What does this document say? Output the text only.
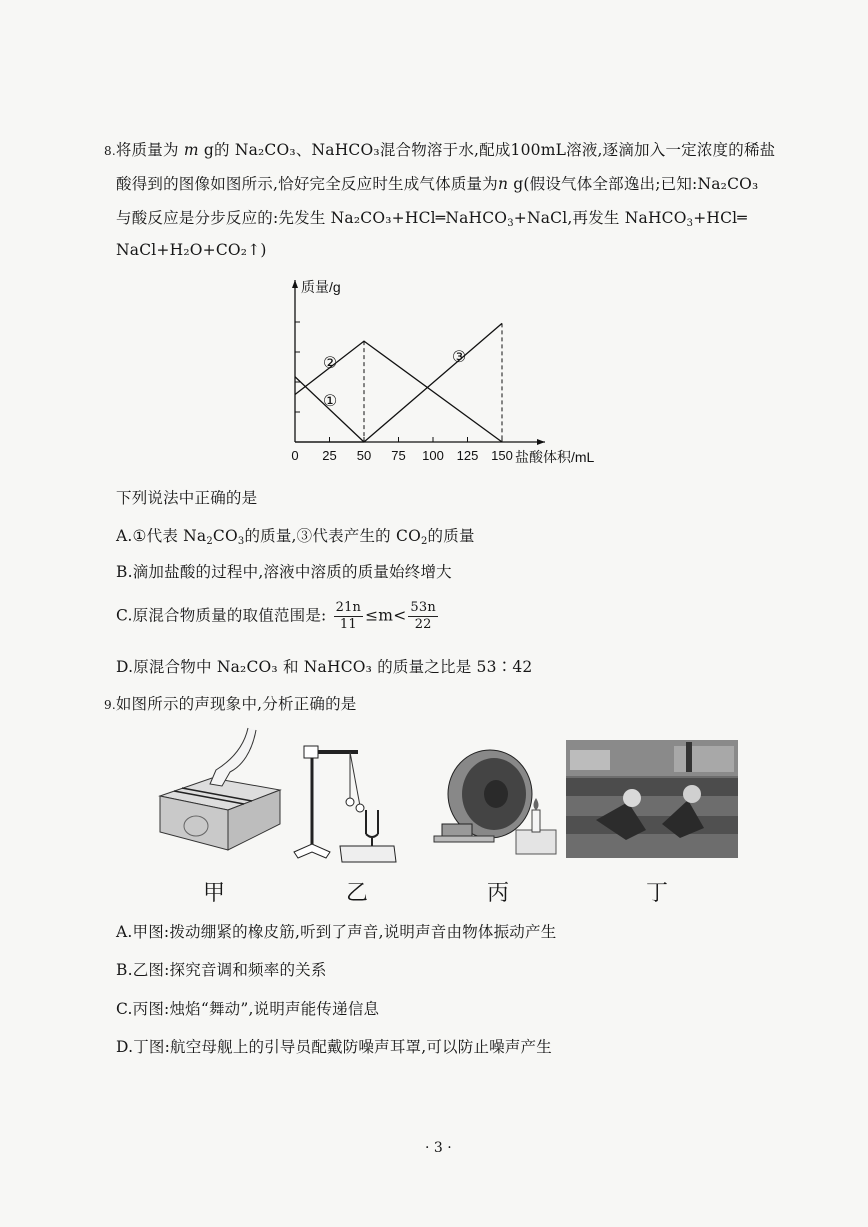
8.将质量为 m g的 Na₂CO₃、NaHCO₃混合物溶于水,配成100mL溶液,逐滴加入一定浓度的稀盐
酸得到的图像如图所示,恰好完全反应时生成气体质量为n g(假设气体全部逸出;已知:Na₂CO₃
与酸反应是分步反应的:先发生 Na₂CO₃+HCl═NaHCO$_3$+NaCl,再发生 NaHCO$_3$+HCl═
NaCl+H₂O+CO₂↑)
0 25 50 75 100 125 150
质量/g
盐酸体积/mL
①
②	③
下列说法中正确的是
A.①代表 $Na_2CO_3$的质量,③代表产生的 $CO_2$的质量
B.滴加盐酸的过程中,溶液中溶质的质量始终增大
C.原混合物质量的取值范围是: $\frac{21n}{11} \le m< \frac{53n}{22}$
D.原混合物中 Na₂CO₃ 和 NaHCO₃ 的质量之比是 53∶42
9.如图所示的声现象中,分析正确的是
甲	乙	丙	丁
A.甲图:拨动绷紧的橡皮筋,听到了声音,说明声音由物体振动产生
B.乙图:探究音调和频率的关系
C.丙图:烛焰“舞动”,说明声能传递信息
D.丁图:航空母舰上的引导员配戴防噪声耳罩,可以防止噪声产生
· 3 ·
